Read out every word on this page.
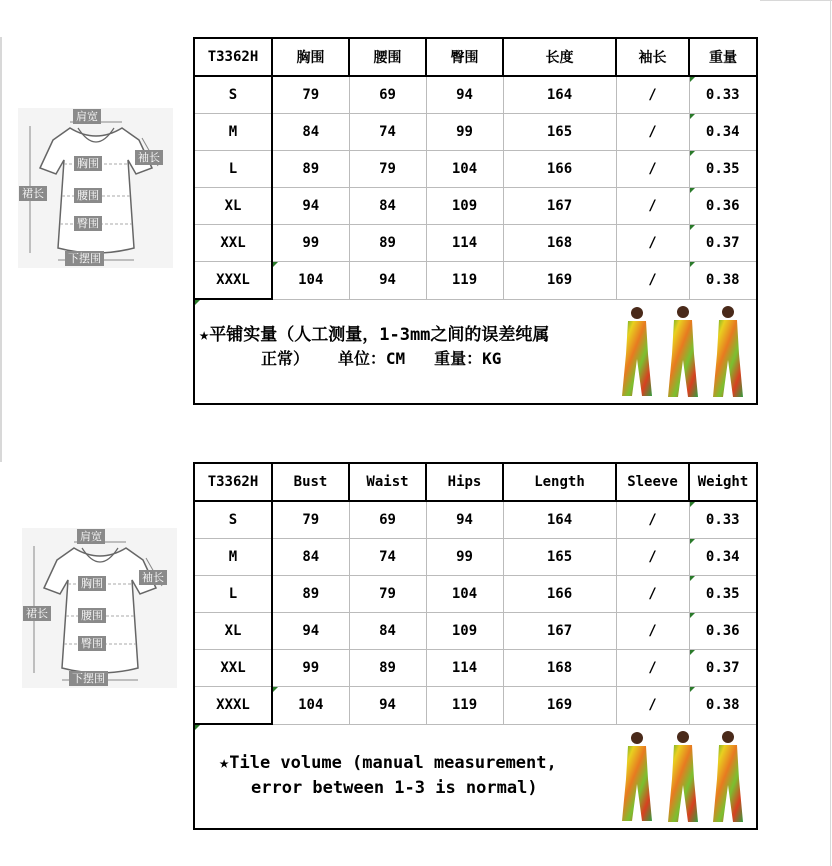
肩宽
袖长
胸围
裙长	腰围
臀围
下摆围
T3362H	胸围	腰围	臀围	长度	袖长	重量
S	79	69	94	164	/	0.33
M	84	74	99	165	/	0.34
L	89	79	104	166	/	0.35
XL	94	84	109	167	/	0.36
XXL	99	89	114	168	/	0.37
XXXL	104	94	119	169	/	0.38
★平铺实量（人工测量，1-3mm之间的误差纯属
正常）   单位：CM   重量：KG
肩宽
袖长
胸围
裙长	腰围
臀围
下摆围
T3362H	Bust	Waist	Hips	Length	Sleeve	Weight
S	79	69	94	164	/	0.33
M	84	74	99	165	/	0.34
L	89	79	104	166	/	0.35
XL	94	84	109	167	/	0.36
XXL	99	89	114	168	/	0.37
XXXL	104	94	119	169	/	0.38
★Tile volume (manual measurement,
error between 1-3 is normal)
